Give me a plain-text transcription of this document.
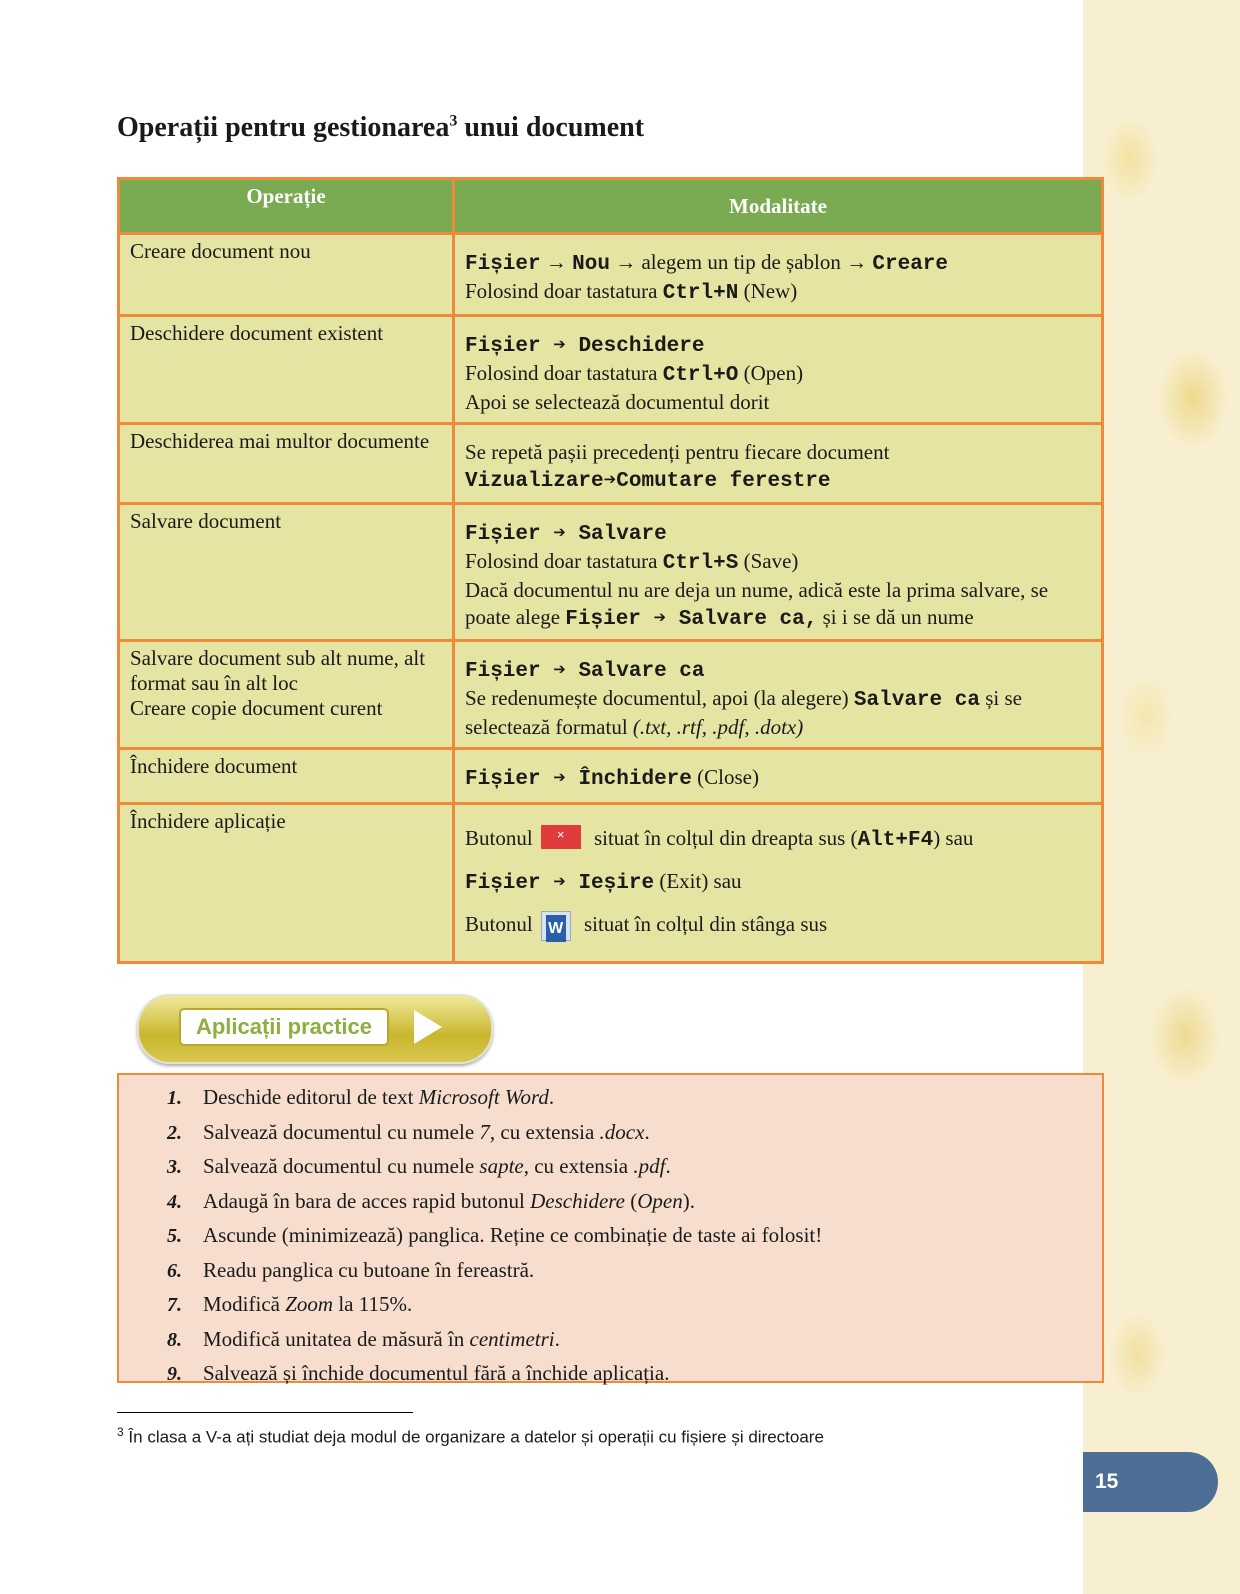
15
Operații pentru gestionarea$^3$ unui document
Operație	Modalitate

Creare document nou	Fișier → Nou → alegem un tip de șablon → Creare
Folosind doar tastatura Ctrl+N (New)

Deschidere document existent	Fișier ➔ Deschidere
Folosind doar tastatura Ctrl+O (Open)
Apoi se selectează documentul dorit

Deschiderea mai multor documente	Se repetă pașii precedenți pentru fiecare document
Vizualizare➔Comutare ferestre

Salvare document	Fișier ➔ Salvare
Folosind doar tastatura Ctrl+S (Save)
Dacă documentul nu are deja un nume, adică este la prima salvare, se
poate alege Fișier ➔ Salvare ca, și i se dă un nume

Salvare document sub alt nume, alt format sau în alt loc
Creare copie document curent	Fișier ➔ Salvare ca
Se redenumește documentul, apoi (la alegere) Salvare ca și se
selectează formatul (.txt, .rtf, .pdf, .dotx)

Închidere document	Fișier ➔ Închidere (Close)

Închidere aplicație	Butonul × situat în colțul din dreapta sus (Alt+F4) sau
Fișier ➔ Ieșire (Exit) sau
Butonul W situat în colțul din stânga sus
Aplicații practice
1. Deschide editorul de text Microsoft Word.
2. Salvează documentul cu numele 7, cu extensia .docx.
3. Salvează documentul cu numele sapte, cu extensia .pdf.
4. Adaugă în bara de acces rapid butonul Deschidere (Open).
5. Ascunde (minimizează) panglica. Reține ce combinație de taste ai folosit!
6. Readu panglica cu butoane în fereastră.
7. Modifică Zoom la 115%.
8. Modifică unitatea de măsură în centimetri.
9. Salvează și închide documentul fără a închide aplicația.
$^3$ În clasa a V-a ați studiat deja modul de organizare a datelor și operații cu fișiere și directoare
